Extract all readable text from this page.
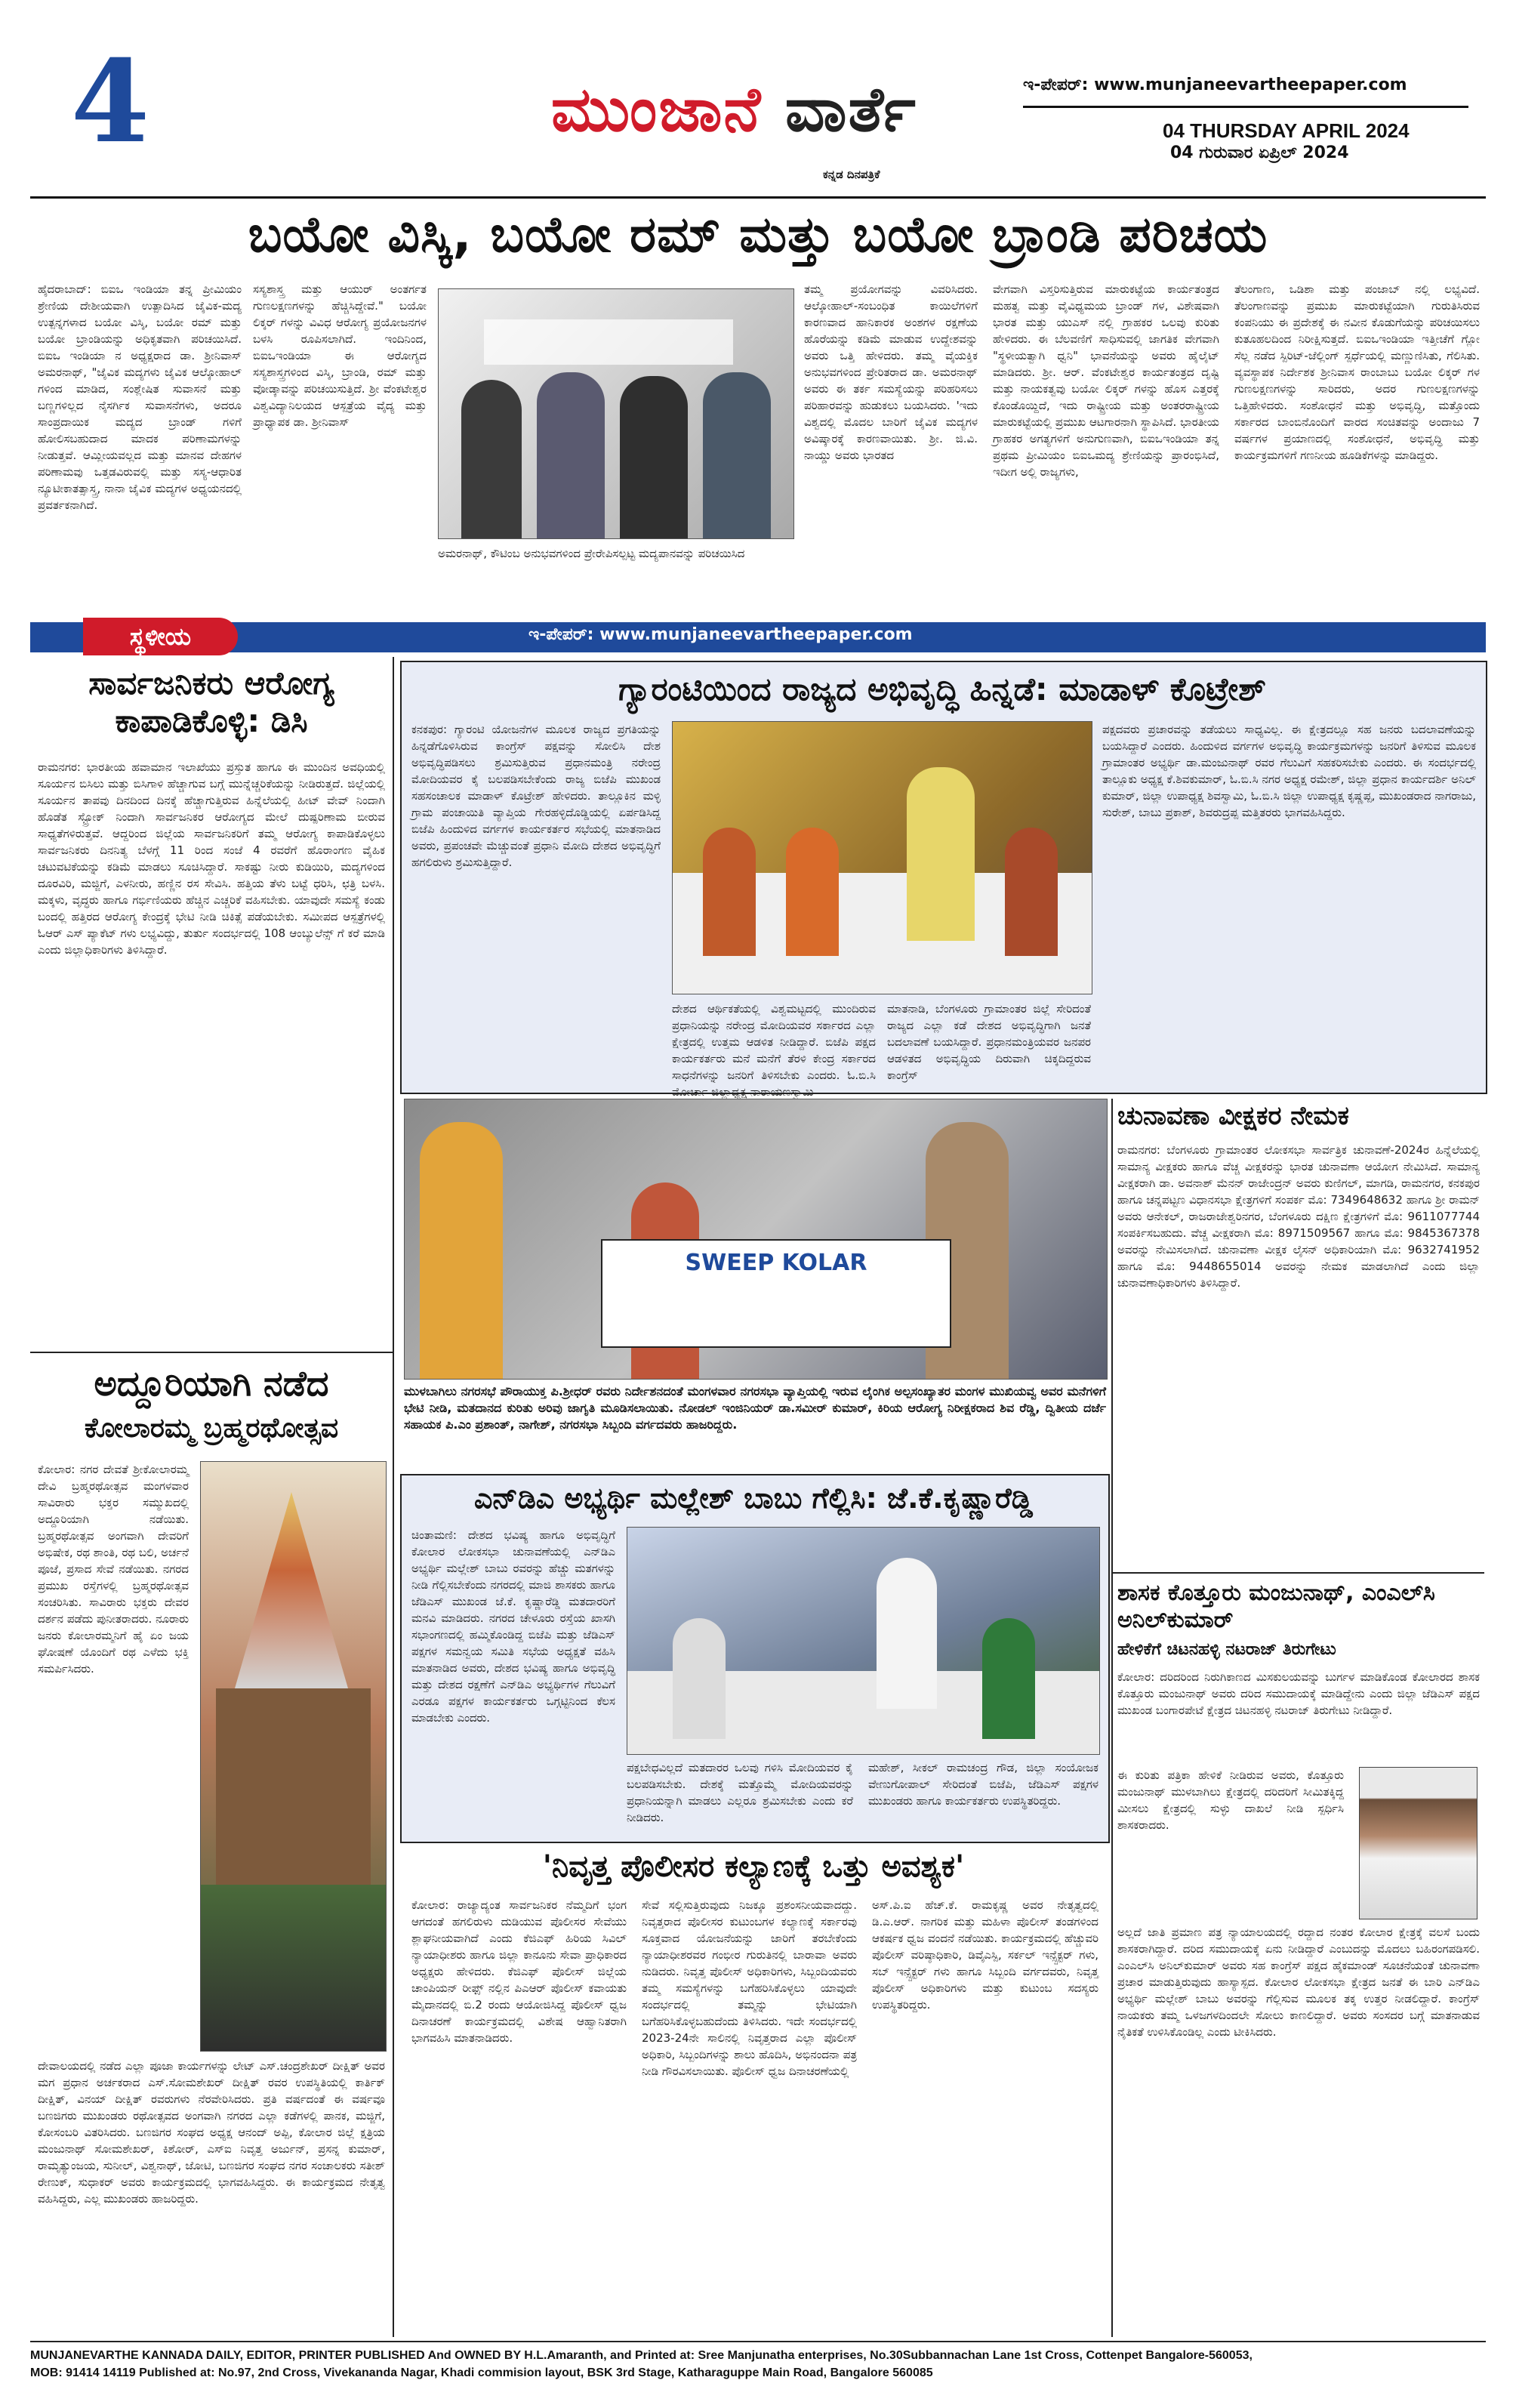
4	ಮುಂಜಾನೆ ವಾರ್ತೆ
ಕನ್ನಡ ದಿನಪತ್ರಿಕೆ
ಇ-ಪೇಪರ್: www.munjaneevartheepaper.com
04 THURSDAY APRIL 2024
04 ಗುರುವಾರ ಏಪ್ರಿಲ್ 2024
ಬಯೋ ವಿಸ್ಕಿ, ಬಯೋ ರಮ್ ಮತ್ತು ಬಯೋ ಬ್ರಾಂಡಿ ಪರಿಚಯ
ಹೈದರಾಬಾದ್: ಬಿಐಒ ಇಂಡಿಯಾ ತನ್ನ ಪ್ರೀಮಿಯಂ ಶ್ರೇಣಿಯ ದೇಶೀಯವಾಗಿ ಉತ್ಪಾದಿಸಿದ ಜೈವಿಕ-ಮದ್ಯ ಉತ್ಪನ್ನಗಳಾದ ಬಯೋ ವಿಸ್ಕಿ, ಬಯೋ ರಮ್ ಮತ್ತು ಬಯೋ ಬ್ರಾಂಡಿಯನ್ನು ಅಧಿಕೃತವಾಗಿ ಪರಿಚಯಿಸಿದೆ. ಬಿಐಒ ಇಂಡಿಯಾ ನ ಅಧ್ಯಕ್ಷರಾದ ಡಾ. ಶ್ರೀನಿವಾಸ್ ಅಮರನಾಥ್, "ಜೈವಿಕ ಮದ್ಯಗಳು ಜೈವಿಕ ಆಲ್ಕೋಹಾಲ್ ಗಳಿಂದ ಮಾಡಿದ, ಸಂಶ್ಲೇಷಿತ ಸುವಾಸನೆ ಮತ್ತು ಬಣ್ಣಗಳಿಲ್ಲದ ನೈಸರ್ಗಿಕ ಸುವಾಸನೆಗಳು, ಅದರೂ ಸಾಂಪ್ರದಾಯಿಕ ಮದ್ಯದ ಬ್ರಾಂಡ್ ಗಳಿಗೆ ಹೋಲಿಸಬಹುದಾದ ಮಾದಕ ಪರಿಣಾಮಗಳನ್ನು ನೀಡುತ್ತವೆ. ಆಮ್ಲೀಯವಲ್ಲದ ಮತ್ತು ಮಾನವ ದೇಹಗಳ ಪರಿಣಾಮವು ಒತ್ತಡವಿರುವಲ್ಲಿ ಮತ್ತು ಸಸ್ಯ-ಆಧಾರಿತ ನ್ಯೂಟೀಕಾತತ್ಸಾಸ್ತ್ರ, ನಾನಾ ಜೈವಿಕ ಮದ್ಯಗಳ ಅಧ್ಯಯನದಲ್ಲಿ ಪ್ರವರ್ತಕನಾಗಿದೆ.
ಸಸ್ಯಶಾಸ್ತ್ರ ಮತ್ತು ಆಯುರ್ ಅಂತರ್ಗತ ಗುಣಲಕ್ಷಣಗಳನ್ನು ಹೆಚ್ಚಿಸಿದ್ದೇವೆ." ಬಯೋ ಲಿಕ್ಕರ್ ಗಳನ್ನು ವಿವಿಧ ಆರೋಗ್ಯ ಪ್ರಯೋಜನಗಳ ಬಳಸಿ ರೂಪಿಸಲಾಗಿದೆ. ಇಂದಿನಿಂದ, ಬಿಐಒಇಂಡಿಯಾ ಈ ಆರೋಗ್ಯದ ಸಸ್ಯಶಾಸ್ತ್ರಗಳಿಂದ ವಿಸ್ಕಿ, ಬ್ರಾಂಡಿ, ರಮ್ ಮತ್ತು ವೋಡ್ಕಾವನ್ನು ಪರಿಚಯಿಸುತ್ತಿದೆ. ಶ್ರೀ ವೆಂಕಟೇಶ್ವರ ವಿಶ್ವವಿದ್ಯಾನಿಲಯದ ಆಸ್ಪತ್ರೆಯ ವೈದ್ಯ ಮತ್ತು ಪ್ರಾಧ್ಯಾಪಕ ಡಾ. ಶ್ರೀನಿವಾಸ್
ಅಮರನಾಥ್, ಕೌಟಿಂಬ ಅನುಭವಗಳಿಂದ ಪ್ರೇರೇಪಿಸಲ್ಪಟ್ಟ ಮದ್ಯಪಾನವನ್ನು ಪರಿಚಯಿಸಿದ
ತಮ್ಮ ಪ್ರಯೋಗವನ್ನು ವಿವರಿಸಿದರು. ಆಲ್ಕೋಹಾಲ್-ಸಂಬಂಧಿತ ಕಾಯಿಲೆಗಳಿಗೆ ಕಾರಣವಾದ ಹಾನಿಕಾರಕ ಅಂಶಗಳ ರಕ್ಷಣೆಯ ಹೊರೆಯನ್ನು ಕಡಿಮೆ ಮಾಡುವ ಉದ್ದೇಶವನ್ನು ಅವರು ಒತ್ತಿ ಹೇಳಿದರು. ತಮ್ಮ ವೈಯಕ್ತಿಕ ಅನುಭವಗಳಿಂದ ಪ್ರೇರಿತರಾದ ಡಾ. ಅಮರನಾಥ್ ಅವರು ಈ ತರ್ಕ ಸಮಸ್ಯೆಯನ್ನು ಪರಿಹರಿಸಲು ಪರಿಹಾರವನ್ನು ಹುಡುಕಲು ಬಯಸಿದರು. 'ಇದು ವಿಶ್ವದಲ್ಲಿ ಮೊದಲ ಬಾರಿಗೆ ಜೈವಿಕ ಮದ್ಯಗಳ ಅವಿಷ್ಕಾರಕ್ಕೆ ಕಾರಣವಾಯಿತು. ಶ್ರೀ. ಜಿ.ವಿ. ನಾಯ್ಡು ಅವರು ಭಾರತದ
ವೇಗವಾಗಿ ವಿಸ್ತರಿಸುತ್ತಿರುವ ಮಾರುಕಟ್ಟೆಯ ಕಾರ್ಯತಂತ್ರದ ಮಹತ್ವ ಮತ್ತು ವೈವಿಧ್ಯಮಯ ಬ್ರಾಂಡ್ ಗಳ, ವಿಶೇಷವಾಗಿ ಭಾರತ ಮತ್ತು ಯುಎಸ್ ನಲ್ಲಿ ಗ್ರಾಹಕರ ಒಲವು ಕುರಿತು ಹೇಳಿದರು. ಈ ಬೆಲವಣಿಗೆ ಸಾಧಿಸುವಲ್ಲಿ ಜಾಗತಿಕ ವೇಗವಾಗಿ "ಸ್ಥಳೀಯತ್ವಾಗಿ ಧ್ವನಿ" ಭಾವನೆಯನ್ನು ಅವರು ಹೈಲೈಟ್ ಮಾಡಿದರು. ಶ್ರೀ. ಆರ್. ವೆಂಕಟೇಶ್ವರ ಕಾರ್ಯತಂತ್ರದ ದೃಷ್ಟಿ ಮತ್ತು ನಾಯಕತ್ವವು ಬಯೋ ಲಿಕ್ಕರ್ ಗಳನ್ನು ಹೊಸ ಎತ್ತರಕ್ಕೆ ಕೊಂಡೊಯ್ದಿದೆ, ಇದು ರಾಷ್ಟ್ರೀಯ ಮತ್ತು ಅಂತರರಾಷ್ಟ್ರೀಯ ಮಾರುಕಟ್ಟೆಯಲ್ಲಿ ಪ್ರಮುಖ ಆಟಗಾರನಾಗಿ ಸ್ಥಾಪಿಸಿದೆ. ಭಾರತೀಯ ಗ್ರಾಹಕರ ಅಗತ್ಯಗಳಿಗೆ ಅನುಗುಣವಾಗಿ, ಬಿಐಒಇಂಡಿಯಾ ತನ್ನ ಪ್ರಥಮ ಪ್ರೀಮಿಯಂ ಬಿಐಒಮದ್ಯ ಶ್ರೇಣಿಯನ್ನು ಪ್ರಾರಂಭಿಸಿದೆ, ಇದೀಗ ಅಲ್ಲಿ ರಾಜ್ಯಗಳು,
ತೆಲಂಗಾಣ, ಒಡಿಶಾ ಮತ್ತು ಪಂಜಾಬ್ ನಲ್ಲಿ ಲಭ್ಯವಿದೆ. ತೆಲಂಗಾಣವನ್ನು ಪ್ರಮುಖ ಮಾರುಕಟ್ಟೆಯಾಗಿ ಗುರುತಿಸಿರುವ ಕಂಪನಿಯು ಈ ಪ್ರದೇಶಕ್ಕೆ ಈ ನವೀನ ಕೊಡುಗೆಯನ್ನು ಪರಿಚಯಿಸಲು ಕುತೂಹಲದಿಂದ ನಿರೀಕ್ಷಿಸುತ್ತದೆ. ಬಿಐಒಇಂಡಿಯಾ ಇತ್ತೀಚೆಗೆ ಗ್ಲೋ ಸೆಲ್ಲ ನಡೆದ ಸ್ಪಿರಿಟ್-ಜೆಲ್ಲಿಂಗ್ ಸ್ಪರ್ಧೆಯಲ್ಲಿ ಮಣ್ಣುಣಿಸಿತು, ಗೆಲಿಸಿತು. ವ್ಯವಸ್ಥಾಪಕ ನಿರ್ದೇಶಕ ಶ್ರೀನಿವಾಸ ರಾಂಬಾಬು ಬಯೋ ಲಿಕ್ಕರ್ ಗಳ ಗುಣಲಕ್ಷಣಗಳನ್ನು ಸಾರಿದರು, ಅದರ ಗುಣಲಕ್ಷಣಗಳನ್ನು ಒತ್ತಿಹೇಳಿದರು. ಸಂಶೋಧನೆ ಮತ್ತು ಅಭಿವೃದ್ಧಿ, ಮತ್ತೊಂದು ಸರ್ಕಾರದ ಬಾಂಬಿನೊಂದಿಗೆ ವಾರದ ಸಂಚಿತವನ್ನು ಅಂದಾಜು 7 ವರ್ಷಗಳ ಪ್ರಯಾಣದಲ್ಲಿ ಸಂಶೋಧನೆ, ಅಭಿವೃದ್ಧಿ ಮತ್ತು ಕಾರ್ಯಕ್ರಮಗಳಿಗೆ ಗಣನೀಯ ಹೂಡಿಕೆಗಳನ್ನು ಮಾಡಿದ್ದರು.
ಸ್ಥಳೀಯ	ಇ-ಪೇಪರ್: www.munjaneevartheepaper.com
ಸಾರ್ವಜನಿಕರು ಆರೋಗ್ಯ ಕಾಪಾಡಿಕೊಳ್ಳಿ: ಡಿಸಿ
ರಾಮನಗರ: ಭಾರತೀಯ ಹವಾಮಾನ ಇಲಾಖೆಯು ಪ್ರಸ್ತುತ ಹಾಗೂ ಈ ಮುಂದಿನ ಅವಧಿಯಲ್ಲಿ ಸೂರ್ಯನ ಬಿಸಿಲು ಮತ್ತು ಬಿಸಿಗಾಳಿ ಹೆಚ್ಚಾಗುವ ಬಗ್ಗೆ ಮುನ್ನೆಚ್ಚರಿಕೆಯನ್ನು ನೀಡಿರುತ್ತದೆ. ಜಿಲ್ಲೆಯಲ್ಲಿ ಸೂರ್ಯನ ತಾಪವು ದಿನದಿಂದ ದಿನಕ್ಕೆ ಹೆಚ್ಚಾಗುತ್ತಿರುವ ಹಿನ್ನೆಲೆಯಲ್ಲಿ ಹೀಟ್ ವೇವ್ ನಿಂದಾಗಿ ಹೊಡೆತ ಸ್ಟ್ರೋಕ್ ನಿಂದಾಗಿ ಸಾರ್ವಜನಿಕರ ಆರೋಗ್ಯದ ಮೇಲೆ ದುಷ್ಪರಿಣಾಮ ಬೀರುವ ಸಾಧ್ಯತೆಗಳಿರುತ್ತವೆ. ಆದ್ದರಿಂದ ಜಿಲ್ಲೆಯ ಸಾರ್ವಜನಿಕರಿಗೆ ತಮ್ಮ ಆರೋಗ್ಯ ಕಾಪಾಡಿಕೊಳ್ಳಲು ಸಾರ್ವಜನಿಕರು ದಿನನಿತ್ಯ ಬೆಳಗ್ಗೆ 11 ರಿಂದ ಸಂಜೆ 4 ರವರೆಗೆ ಹೊರಾಂಗಣ ವೈಹಿಕ ಚಟುವಟಿಕೆಯನ್ನು ಕಡಿಮೆ ಮಾಡಲು ಸೂಚಿಸಿದ್ದಾರೆ. ಸಾಕಷ್ಟು ನೀರು ಕುಡಿಯಿರಿ, ಮದ್ಯಗಳಿಂದ ದೂರವಿರಿ, ಮಜ್ಜಿಗೆ, ಎಳನೀರು, ಹಣ್ಣಿನ ರಸ ಸೇವಿಸಿ. ಹತ್ತಿಯ ತೆಳು ಬಟ್ಟೆ ಧರಿಸಿ, ಛತ್ರಿ ಬಳಸಿ. ಮಕ್ಕಳು, ವೃದ್ಧರು ಹಾಗೂ ಗರ್ಭಿಣಿಯರು ಹೆಚ್ಚಿನ ಎಚ್ಚರಿಕೆ ವಹಿಸಬೇಕು. ಯಾವುದೇ ಸಮಸ್ಯೆ ಕಂಡು ಬಂದಲ್ಲಿ ಹತ್ತಿರದ ಆರೋಗ್ಯ ಕೇಂದ್ರಕ್ಕೆ ಭೇಟಿ ನೀಡಿ ಚಿಕಿತ್ಸೆ ಪಡೆಯಬೇಕು. ಸಮೀಪದ ಆಸ್ಪತ್ರೆಗಳಲ್ಲಿ ಓಆರ್ ಎಸ್ ಪ್ಯಾಕೆಟ್ ಗಳು ಲಭ್ಯವಿದ್ದು, ತುರ್ತು ಸಂದರ್ಭದಲ್ಲಿ 108 ಆಂಬ್ಯುಲೆನ್ಸ್ ಗೆ ಕರೆ ಮಾಡಿ ಎಂದು ಜಿಲ್ಲಾಧಿಕಾರಿಗಳು ತಿಳಿಸಿದ್ದಾರೆ.
ಅದ್ದೂರಿಯಾಗಿ ನಡೆದ
ಕೋಲಾರಮ್ಮ ಬ್ರಹ್ಮರಥೋತ್ಸವ
ಕೋಲಾರ: ನಗರ ದೇವತೆ ಶ್ರೀಕೋಲಾರಮ್ಮ ದೇವಿ ಬ್ರಹ್ಮರಥೋತ್ಸವ ಮಂಗಳವಾರ ಸಾವಿರಾರು ಭಕ್ತರ ಸಮ್ಮುಖದಲ್ಲಿ ಅದ್ದೂರಿಯಾಗಿ ನಡೆಯಿತು. ಬ್ರಹ್ಮರಥೋತ್ಸವ ಅಂಗವಾಗಿ ದೇವರಿಗೆ ಅಭಿಷೇಕ, ರಥ ಶಾಂತಿ, ರಥ ಬಲಿ, ಅರ್ಚನೆ ಪೂಜೆ, ಪ್ರಸಾದ ಸೇವೆ ನಡೆಯಿತು. ನಗರದ ಪ್ರಮುಖ ರಸ್ತೆಗಳಲ್ಲಿ ಬ್ರಹ್ಮರಥೋತ್ಸವ ಸಂಚರಿಸಿತು. ಸಾವಿರಾರು ಭಕ್ತರು ದೇವರ ದರ್ಶನ ಪಡೆದು ಪುನೀತರಾದರು. ನೂರಾರು ಜನರು ಕೋಲಾರಮ್ಮನಿಗೆ ಹೈ ಏಂ ಜಯ ಘೋಷಣೆ ಯೊಂದಿಗೆ ರಥ ಎಳೆದು ಭಕ್ತಿ ಸಮರ್ಪಿಸಿದರು.
ದೇವಾಲಯದಲ್ಲಿ ನಡೆದ ಎಲ್ಲಾ ಪೂಜಾ ಕಾರ್ಯಗಳನ್ನು ಲೇಟ್ ಎಸ್.ಚಂದ್ರಶೇಖರ್ ದೀಕ್ಷಿತ್ ಅವರ ಮಗ ಪ್ರಧಾನ ಅರ್ಚಕರಾದ ಎಸ್.ಸೋಮಶೇಖರ್ ದೀಕ್ಷಿತ್ ರವರ ಉಪಸ್ಥಿತಿಯಲ್ಲಿ ಕಾರ್ತಿಕ್ ದೀಕ್ಷಿತ್, ವಿನಯ್ ದೀಕ್ಷಿತ್ ರವರುಗಳು ನೆರವೇರಿಸಿದರು. ಪ್ರತಿ ವರ್ಷದಂತೆ ಈ ವರ್ಷವೂ ಬಣಜಿಗರು ಮುಖಂಡರು ರಥೋತ್ಸವದ ಅಂಗವಾಗಿ ನಗರದ ಎಲ್ಲಾ ಕಡೆಗಳಲ್ಲಿ ಪಾನಕ, ಮಜ್ಜಿಗೆ, ಕೋಸಂಬರಿ ವಿತರಿಸಿದರು. ಬಣಜಿಗರ ಸಂಘದ ಅಧ್ಯಕ್ಷ ಆನಂದ್ ಅಪ್ಪಿ, ಕೋಲಾರ ಜಿಲ್ಲೆ ಕ್ಷತ್ರಿಯ ಮಂಜುನಾಥ್ ಸೋಮಶೇಖರ್, ಕಿಶೋರ್, ಎಸ್‌ಐ ನಿವೃತ್ತ ಅರ್ಜುನ್, ಪ್ರಸನ್ನ ಕುಮಾರ್, ರಾಮೃತ್ಯುಂಜಯ, ಸುನೀಲ್, ವಿಶ್ವನಾಥ್, ಜೋಟಿ, ಬಣಜಿಗರ ಸಂಘದ ನಗರ ಸಂಚಾಲಕರು ಸತೀಶ್ ರೇಣುಕ್, ಸುಧಾಕರ್ ಅವರು ಕಾರ್ಯಕ್ರಮದಲ್ಲಿ ಭಾಗವಹಿಸಿದ್ದರು. ಈ ಕಾರ್ಯಕ್ರಮದ ನೇತೃತ್ವ ವಹಿಸಿದ್ದರು, ಎಲ್ಲ ಮುಖಂಡರು ಹಾಜರಿದ್ದರು.
ಗ್ಯಾರಂಟಿಯಿಂದ ರಾಜ್ಯದ ಅಭಿವೃದ್ಧಿ ಹಿನ್ನಡೆ: ಮಾಡಾಳ್ ಕೊಟ್ರೇಶ್
ಕನಕಪುರ: ಗ್ಯಾರಂಟಿ ಯೋಜನೆಗಳ ಮೂಲಕ ರಾಜ್ಯದ ಪ್ರಗತಿಯನ್ನು ಹಿನ್ನಡೆಗೊಳಿಸಿರುವ ಕಾಂಗ್ರೆಸ್ ಪಕ್ಷವನ್ನು ಸೋಲಿಸಿ ದೇಶ ಅಭಿವೃದ್ಧಿಪಡಿಸಲು ಶ್ರಮಿಸುತ್ತಿರುವ ಪ್ರಧಾನಮಂತ್ರಿ ನರೇಂದ್ರ ಮೋದಿಯವರ ಕೈ ಬಲಪಡಿಸಬೇಕೆಂದು ರಾಜ್ಯ ಬಿಜೆಪಿ ಮುಖಂಡ ಸಹಸಂಚಾಲಕ ಮಾಡಾಳ್ ಕೊಟ್ರೇಶ್ ಹೇಳಿದರು. ತಾಲ್ಲೂಕಿನ ಮಳ್ಳಿ ಗ್ರಾಮ ಪಂಚಾಯಿತಿ ವ್ಯಾಪ್ತಿಯ ಗೇರಹಳ್ಳಿದೊಡ್ಡಿಯಲ್ಲಿ ಏರ್ಪಡಿಸಿದ್ದ ಬಿಜೆಪಿ ಹಿಂದುಳಿದ ವರ್ಗಗಳ ಕಾರ್ಯಕರ್ತರ ಸಭೆಯಲ್ಲಿ ಮಾತನಾಡಿದ ಅವರು, ಪ್ರಪಂಚವೇ ಮೆಚ್ಚುವಂತೆ ಪ್ರಧಾನಿ ಮೋದಿ ದೇಶದ ಅಭಿವೃದ್ಧಿಗೆ ಹಗಲಿರುಳು ಶ್ರಮಿಸುತ್ತಿದ್ದಾರೆ.
ದೇಶದ ಆರ್ಥಿಕತೆಯಲ್ಲಿ ವಿಶ್ವಮಟ್ಟದಲ್ಲಿ ಮುಂದಿರುವ ಪ್ರಧಾನಿಯನ್ನು ನರೇಂದ್ರ ಮೋದಿಯವರ ಸರ್ಕಾರದ ಎಲ್ಲಾ ಕ್ಷೇತ್ರದಲ್ಲಿ ಉತ್ತಮ ಆಡಳಿತ ನೀಡಿದ್ದಾರೆ. ಬಿಜೆಪಿ ಪಕ್ಷದ ಕಾರ್ಯಕರ್ತರು ಮನೆ ಮನೆಗೆ ತೆರಳಿ ಕೇಂದ್ರ ಸರ್ಕಾರದ ಸಾಧನೆಗಳನ್ನು ಜನರಿಗೆ ತಿಳಿಸಬೇಕು ಎಂದರು. ಓ.ಬಿ.ಸಿ ಮೋರ್ಚಾ ಜಿಲ್ಲಾಧ್ಯಕ್ಷ ನಾರಾಯಣಸ್ವಾಮಿ
ಮಾತನಾಡಿ, ಬೆಂಗಳೂರು ಗ್ರಾಮಾಂತರ ಜಿಲ್ಲೆ ಸೇರಿದಂತೆ ರಾಜ್ಯದ ಎಲ್ಲಾ ಕಡೆ ದೇಶದ ಅಭಿವೃದ್ಧಿಗಾಗಿ ಜನತೆ ಬದಲಾವಣೆ ಬಯಸಿದ್ದಾರೆ. ಪ್ರಧಾನಮಂತ್ರಿಯವರ ಜನಪರ ಆಡಳಿತದ ಅಭಿವೃದ್ಧಿಯ ದಿರುವಾಗಿ ಚಿಕ್ಕದಿದ್ದರುವ ಕಾಂಗ್ರೆಸ್
ಪಕ್ಷದವರು ಪ್ರಚಾರವನ್ನು ತಡೆಯಲು ಸಾಧ್ಯವಿಲ್ಲ. ಈ ಕ್ಷೇತ್ರದಲ್ಲೂ ಸಹ ಜನರು ಬದಲಾವಣೆಯನ್ನು ಬಯಸಿದ್ದಾರೆ ಎಂದರು. ಹಿಂದುಳಿದ ವರ್ಗಗಳ ಅಭಿವೃದ್ಧಿ ಕಾರ್ಯಕ್ರಮಗಳನ್ನು ಜನರಿಗೆ ತಿಳಿಸುವ ಮೂಲಕ ಗ್ರಾಮಾಂತರ ಅಭ್ಯರ್ಥಿ ಡಾ.ಮಂಜುನಾಥ್ ರವರ ಗೆಲುವಿಗೆ ಸಹಕರಿಸಬೇಕು ಎಂದರು. ಈ ಸಂದರ್ಭದಲ್ಲಿ ತಾಲ್ಲೂಕು ಅಧ್ಯಕ್ಷ ಕೆ.ಶಿವಕುಮಾರ್, ಓ.ಬಿ.ಸಿ ನಗರ ಅಧ್ಯಕ್ಷ ರಮೇಶ್, ಜಿಲ್ಲಾ ಪ್ರಧಾನ ಕಾರ್ಯದರ್ಶಿ ಅನಿಲ್ ಕುಮಾರ್, ಜಿಲ್ಲಾ ಉಪಾಧ್ಯಕ್ಷ ಶಿವಸ್ವಾಮಿ, ಓ.ಬಿ.ಸಿ ಜಿಲ್ಲಾ ಉಪಾಧ್ಯಕ್ಷ ಕೃಷ್ಣಪ್ಪ, ಮುಖಂಡರಾದ ನಾಗರಾಜು, ಸುರೇಶ್, ಬಾಬು ಪ್ರಕಾಶ್, ಶಿವರುದ್ರಪ್ಪ ಮತ್ತಿತರರು ಭಾಗವಹಿಸಿದ್ದರು.
SWEEP KOLAR
ಮುಳಬಾಗಿಲು ನಗರಸಭೆ ಪೌರಾಯುಕ್ತ ಪಿ.ಶ್ರೀಧರ್ ರವರು ನಿರ್ದೇಶನದಂತೆ ಮಂಗಳವಾರ ನಗರಸಭಾ ವ್ಯಾಪ್ತಿಯಲ್ಲಿ ಇರುವ ಲೈಂಗಿಕ ಅಲ್ಪಸಂಖ್ಯಾತರ ಮಂಗಳ ಮುಖಿಯವ್ವ ಅವರ ಮನೆಗಳಿಗೆ ಭೇಟಿ ನೀಡಿ, ಮತದಾನದ ಕುರಿತು ಅರಿವು ಜಾಗೃತಿ ಮೂಡಿಸಲಾಯಿತು. ನೋಡಲ್ ಇಂಜಿನಿಯರ್ ಡಾ.ಸಮೀರ್ ಕುಮಾರ್, ಕಿರಿಯ ಆರೋಗ್ಯ ನಿರೀಕ್ಷಕರಾದ ಶಿವ ರೆಡ್ಡಿ, ದ್ವಿತೀಯ ದರ್ಜೆ ಸಹಾಯಕ ಪಿ.ಎಂ ಪ್ರಶಾಂತ್, ನಾಗೇಶ್, ನಗರಸಭಾ ಸಿಬ್ಬಂದಿ ವರ್ಗದವರು ಹಾಜರಿದ್ದರು.
ಚುನಾವಣಾ ವೀಕ್ಷಕರ ನೇಮಕ
ರಾಮನಗರ: ಬೆಂಗಳೂರು ಗ್ರಾಮಾಂತರ ಲೋಕಸಭಾ ಸಾರ್ವತ್ರಿಕ ಚುನಾವಣೆ-2024ರ ಹಿನ್ನೆಲೆಯಲ್ಲಿ ಸಾಮಾನ್ಯ ವೀಕ್ಷಕರು ಹಾಗೂ ವೆಚ್ಚ ವೀಕ್ಷಕರನ್ನು ಭಾರತ ಚುನಾವಣಾ ಆಯೋಗ ನೇಮಿಸಿದೆ. ಸಾಮಾನ್ಯ ವೀಕ್ಷಕರಾಗಿ ಡಾ. ಅವನಾಶ್ ಮೆನನ್ ರಾಜೇಂದ್ರನ್ ಅವರು ಕುಣಿಗಲ್, ಮಾಗಡಿ, ರಾಮನಗರ, ಕನಕಪುರ ಹಾಗೂ ಚನ್ನಪಟ್ಟಣ ವಿಧಾನಸಭಾ ಕ್ಷೇತ್ರಗಳಿಗೆ ಸಂಪರ್ಕ ಮೊ: 7349648632 ಹಾಗೂ ಶ್ರೀ ರಾಮನ್ ಅವರು ಆನೇಕಲ್, ರಾಜರಾಜೇಶ್ವರಿನಗರ, ಬೆಂಗಳೂರು ದಕ್ಷಿಣ ಕ್ಷೇತ್ರಗಳಿಗೆ ಮೊ: 9611077744 ಸಂಪರ್ಕಿಸಬಹುದು. ವೆಚ್ಚ ವೀಕ್ಷಕರಾಗಿ ಮೊ: 8971509567 ಹಾಗೂ ಮೊ: 9845367378 ಅವರನ್ನು ನೇಮಿಸಲಾಗಿದೆ. ಚುನಾವಣಾ ವೀಕ್ಷಕ ಲೈಸನ್ ಅಧಿಕಾರಿಯಾಗಿ ಮೊ: 9632741952 ಹಾಗೂ ಮೊ: 9448655014 ಅವರನ್ನು ನೇಮಕ ಮಾಡಲಾಗಿದೆ ಎಂದು ಜಿಲ್ಲಾ ಚುನಾವಣಾಧಿಕಾರಿಗಳು ತಿಳಿಸಿದ್ದಾರೆ.
ಎನ್‌ಡಿಎ ಅಭ್ಯರ್ಥಿ ಮಲ್ಲೇಶ್ ಬಾಬು ಗೆಲ್ಲಿಸಿ: ಜೆ.ಕೆ.ಕೃಷ್ಣಾರೆಡ್ಡಿ
ಚಿಂತಾಮಣಿ: ದೇಶದ ಭವಿಷ್ಯ ಹಾಗೂ ಅಭಿವೃದ್ಧಿಗೆ ಕೋಲಾರ ಲೋಕಸಭಾ ಚುನಾವಣೆಯಲ್ಲಿ ಎನ್‌ಡಿಎ ಅಭ್ಯರ್ಥಿ ಮಲ್ಲೇಶ್ ಬಾಬು ರವರನ್ನು ಹೆಚ್ಚು ಮತಗಳನ್ನು ನೀಡಿ ಗೆಲ್ಲಿಸಬೇಕೆಂದು ನಗರದಲ್ಲಿ ಮಾಜಿ ಶಾಸಕರು ಹಾಗೂ ಜೆಡಿಎಸ್ ಮುಖಂಡ ಜೆ.ಕೆ. ಕೃಷ್ಣಾರೆಡ್ಡಿ ಮತದಾರರಿಗೆ ಮನವಿ ಮಾಡಿದರು. ನಗರದ ಚೇಳೂರು ರಸ್ತೆಯ ಖಾಸಗಿ ಸಭಾಂಗಣದಲ್ಲಿ ಹಮ್ಮಿಕೊಂಡಿದ್ದ ಬಿಜೆಪಿ ಮತ್ತು ಜೆಡಿಎಸ್ ಪಕ್ಷಗಳ ಸಮನ್ವಯ ಸಮಿತಿ ಸಭೆಯ ಅಧ್ಯಕ್ಷತೆ ವಹಿಸಿ ಮಾತನಾಡಿದ ಅವರು, ದೇಶದ ಭವಿಷ್ಯ ಹಾಗೂ ಅಭಿವೃದ್ಧಿ ಮತ್ತು ದೇಶದ ರಕ್ಷಣೆಗೆ ಎನ್‌ಡಿಎ ಅಭ್ಯರ್ಥಿಗಳ ಗೆಲುವಿಗೆ ಎರಡೂ ಪಕ್ಷಗಳ ಕಾರ್ಯಕರ್ತರು ಒಗ್ಗಟ್ಟಿನಿಂದ ಕೆಲಸ ಮಾಡಬೇಕು ಎಂದರು.
ಪಕ್ಷಬೇಧವಿಲ್ಲದೆ ಮತದಾರರ ಒಲವು ಗಳಿಸಿ ಮೋದಿಯವರ ಕೈ ಬಲಪಡಿಸಬೇಕು. ದೇಶಕ್ಕೆ ಮತ್ತೊಮ್ಮೆ ಮೋದಿಯವರನ್ನು ಪ್ರಧಾನಿಯನ್ನಾಗಿ ಮಾಡಲು ಎಲ್ಲರೂ ಶ್ರಮಿಸಬೇಕು ಎಂದು ಕರೆ ನೀಡಿದರು.
ಮಹೇಶ್, ಸೀಕಲ್ ರಾಮಚಂದ್ರ ಗೌಡ, ಜಿಲ್ಲಾ ಸಂಯೋಜಕ ವೇಣುಗೋಪಾಲ್ ಸೇರಿದಂತೆ ಬಿಜೆಪಿ, ಜೆಡಿಎಸ್ ಪಕ್ಷಗಳ ಮುಖಂಡರು ಹಾಗೂ ಕಾರ್ಯಕರ್ತರು ಉಪಸ್ಥಿತರಿದ್ದರು.
'ನಿವೃತ್ತ ಪೊಲೀಸರ ಕಲ್ಯಾಣಕ್ಕೆ ಒತ್ತು ಅವಶ್ಯಕ'
ಕೋಲಾರ: ರಾಜ್ಯಾದ್ಯಂತ ಸಾರ್ವಜನಿಕರ ನೆಮ್ಮದಿಗೆ ಭಂಗ ಆಗದಂತೆ ಹಗಲಿರುಳು ದುಡಿಯುವ ಪೊಲೀಸರ ಸೇವೆಯು ಶ್ಲಾಘನೀಯವಾಗಿದೆ ಎಂದು ಕೆಜಿಎಫ್ ಹಿರಿಯ ಸಿವಿಲ್ ನ್ಯಾಯಾಧೀಶರು ಹಾಗೂ ಜಿಲ್ಲಾ ಕಾನೂನು ಸೇವಾ ಪ್ರಾಧಿಕಾರದ ಅಧ್ಯಕ್ಷರು ಹೇಳಿದರು. ಕೆಜಿಎಫ್ ಪೊಲೀಸ್ ಜಿಲ್ಲೆಯ ಚಾಂಪಿಯನ್ ರೀಫ್ಸ್ ನಲ್ಲಿನ ಪಿಎಆರ್ ಪೊಲೀಸ್ ಕವಾಯತು ಮೈದಾನದಲ್ಲಿ ಬಿ.2 ರಂದು ಆಯೋಜಿಸಿದ್ದ ಪೊಲೀಸ್ ಧ್ವಜ ದಿನಾಚರಣೆ ಕಾರ್ಯಕ್ರಮದಲ್ಲಿ ವಿಶೇಷ ಆಹ್ವಾನಿತರಾಗಿ ಭಾಗವಹಿಸಿ ಮಾತನಾಡಿದರು.
ಸೇವೆ ಸಲ್ಲಿಸುತ್ತಿರುವುದು ನಿಜಕ್ಕೂ ಪ್ರಶಂಸನೀಯವಾದದ್ದು. ನಿವೃತ್ತರಾದ ಪೊಲೀಸರ ಕುಟುಂಬಗಳ ಕಲ್ಯಾಣಕ್ಕೆ ಸರ್ಕಾರವು ಸೂಕ್ತವಾದ ಯೋಜನೆಯನ್ನು ಜಾರಿಗೆ ತರಬೇಕೆಂದು ನ್ಯಾಯಾಧೀಶರವರ ಗಂಭೀರ ಗುರುತಿನಲ್ಲಿ ಬಾರಾವಾ ಅವರು ನುಡಿದರು. ನಿವೃತ್ತ ಪೊಲೀಸ್ ಅಧಿಕಾರಿಗಳು, ಸಿಬ್ಬಂದಿಯವರು ತಮ್ಮ ಸಮಸ್ಯೆಗಳನ್ನು ಬಗೆಹರಿಸಿಕೊಳ್ಳಲು ಯಾವುದೇ ಸಂದರ್ಭದಲ್ಲಿ ತಮ್ಮನ್ನು ಭೇಟಿಯಾಗಿ ಬಗೆಹರಿಸಿಕೊಳ್ಳಬಹುದೆಂದು ತಿಳಿಸಿದರು. ಇದೇ ಸಂದರ್ಭದಲ್ಲಿ 2023-24ನೇ ಸಾಲಿನಲ್ಲಿ ನಿವೃತ್ತರಾದ ಎಲ್ಲಾ ಪೊಲೀಸ್ ಅಧಿಕಾರಿ, ಸಿಬ್ಬಂದಿಗಳನ್ನು ಶಾಲು ಹೊದಿಸಿ, ಅಭಿನಂದನಾ ಪತ್ರ ನೀಡಿ ಗೌರವಿಸಲಾಯಿತು. ಪೊಲೀಸ್ ಧ್ವಜ ದಿನಾಚರಣೆಯಲ್ಲಿ
ಅಸ್.ಪಿ.ಐ ಹೆಚ್.ಕೆ. ರಾಮಕೃಷ್ಣ ಅವರ ನೇತೃತ್ವದಲ್ಲಿ ಡಿ.ಎ.ಆರ್. ನಾಗರಿಕ ಮತ್ತು ಮಹಿಳಾ ಪೊಲೀಸ್ ತಂಡಗಳಿಂದ ಆಕರ್ಷಕ ಧ್ವಜ ವಂದನೆ ನಡೆಯಿತು. ಕಾರ್ಯಕ್ರಮದಲ್ಲಿ ಹೆಚ್ಚುವರಿ ಪೊಲೀಸ್ ವರಿಷ್ಠಾಧಿಕಾರಿ, ಡಿವೈಎಸ್ಪಿ, ಸರ್ಕಲ್ ಇನ್ಸ್ಪೆಕ್ಟರ್ ಗಳು, ಸಬ್ ಇನ್ಸ್ಪೆಕ್ಟರ್ ಗಳು ಹಾಗೂ ಸಿಬ್ಬಂದಿ ವರ್ಗದವರು, ನಿವೃತ್ತ ಪೊಲೀಸ್ ಅಧಿಕಾರಿಗಳು ಮತ್ತು ಕುಟುಂಬ ಸದಸ್ಯರು ಉಪಸ್ಥಿತರಿದ್ದರು.
ಶಾಸಕ ಕೊತ್ತೂರು ಮಂಜುನಾಥ್, ಎಂಎಲ್‌ಸಿ ಅನಿಲ್‌ಕುಮಾರ್
ಹೇಳಿಕೆಗೆ ಚಿಟನಹಳ್ಳಿ ನಟರಾಜ್ ತಿರುಗೇಟು
ಕೋಲಾರ: ದರಿದರಿಂದ ನಿರುಗಿಕಾಣದ ಮಿಸಕುಲಯವನ್ನು ಬುರ್ಗಳ ಮಾಡಿಕೊಂಡ ಕೋಲಾರದ ಶಾಸಕ ಕೊತ್ತೂರು ಮಂಜುನಾಥ್ ಅವರು ದರಿದ ಸಮುದಾಯಕ್ಕೆ ಮಾಡಿದ್ದೇನು ಎಂದು ಜಿಲ್ಲಾ ಜೆಡಿಎಸ್ ಪಕ್ಷದ ಮುಖಂಡ ಬಂಗಾರಪೇಟೆ ಕ್ಷೇತ್ರದ ಚಿಟನಹಳ್ಳಿ ನಟರಾಜ್ ತಿರುಗೇಟು ನೀಡಿದ್ದಾರೆ.
ಈ ಕುರಿತು ಪತ್ರಿಕಾ ಹೇಳಿಕೆ ನೀಡಿರುವ ಅವರು, ಕೊತ್ತೂರು ಮಂಜುನಾಥ್ ಮುಳಬಾಗಿಲು ಕ್ಷೇತ್ರದಲ್ಲಿ ದರಿದರಿಗೆ ಸೀಮಿತಕ್ಕಿದ್ದ ಮೀಸಲು ಕ್ಷೇತ್ರದಲ್ಲಿ ಸುಳ್ಳು ದಾಖಲೆ ನೀಡಿ ಸ್ಪರ್ಧಿಸಿ ಶಾಸಕರಾದರು.
ಅಲ್ಲದೆ ಜಾತಿ ಪ್ರಮಾಣ ಪತ್ರ ನ್ಯಾಯಾಲಯದಲ್ಲಿ ರದ್ದಾದ ನಂತರ ಕೋಲಾರ ಕ್ಷೇತ್ರಕ್ಕೆ ವಲಸೆ ಬಂದು ಶಾಸಕರಾಗಿದ್ದಾರೆ. ದರಿದ ಸಮುದಾಯಕ್ಕೆ ಏನು ನೀಡಿದ್ದಾರೆ ಎಂಬುದನ್ನು ಮೊದಲು ಬಹಿರಂಗಪಡಿಸಲಿ. ಎಂಎಲ್‌ಸಿ ಅನಿಲ್‌ಕುಮಾರ್ ಅವರು ಸಹ ಕಾಂಗ್ರೆಸ್ ಪಕ್ಷದ ಹೈಕಮಾಂಡ್ ಸೂಚನೆಯಂತೆ ಚುನಾವಣಾ ಪ್ರಚಾರ ಮಾಡುತ್ತಿರುವುದು ಹಾಸ್ಯಾಸ್ಪದ. ಕೋಲಾರ ಲೋಕಸಭಾ ಕ್ಷೇತ್ರದ ಜನತೆ ಈ ಬಾರಿ ಎನ್‌ಡಿಎ ಅಭ್ಯರ್ಥಿ ಮಲ್ಲೇಶ್ ಬಾಬು ಅವರನ್ನು ಗೆಲ್ಲಿಸುವ ಮೂಲಕ ತಕ್ಕ ಉತ್ತರ ನೀಡಲಿದ್ದಾರೆ. ಕಾಂಗ್ರೆಸ್ ನಾಯಕರು ತಮ್ಮ ಒಳಜಗಳದಿಂದಲೇ ಸೋಲು ಕಾಣಲಿದ್ದಾರೆ. ಅವರು ಸಂಸದರ ಬಗ್ಗೆ ಮಾತನಾಡುವ ನೈತಿಕತೆ ಉಳಿಸಿಕೊಂಡಿಲ್ಲ ಎಂದು ಟೀಕಿಸಿದರು.
MUNJANEVARTHE KANNADA DAILY, EDITOR, PRINTER PUBLISHED And OWNED BY H.L.Amaranth, and Printed at: Sree Manjunatha enterprises, No.30Subbannachan Lane 1st Cross, Cottenpet Bangalore-560053,
MOB: 91414 14119 Published at: No.97, 2nd Cross, Vivekananda Nagar, Khadi commision layout, BSK 3rd Stage, Katharaguppe Main Road, Bangalore 560085
